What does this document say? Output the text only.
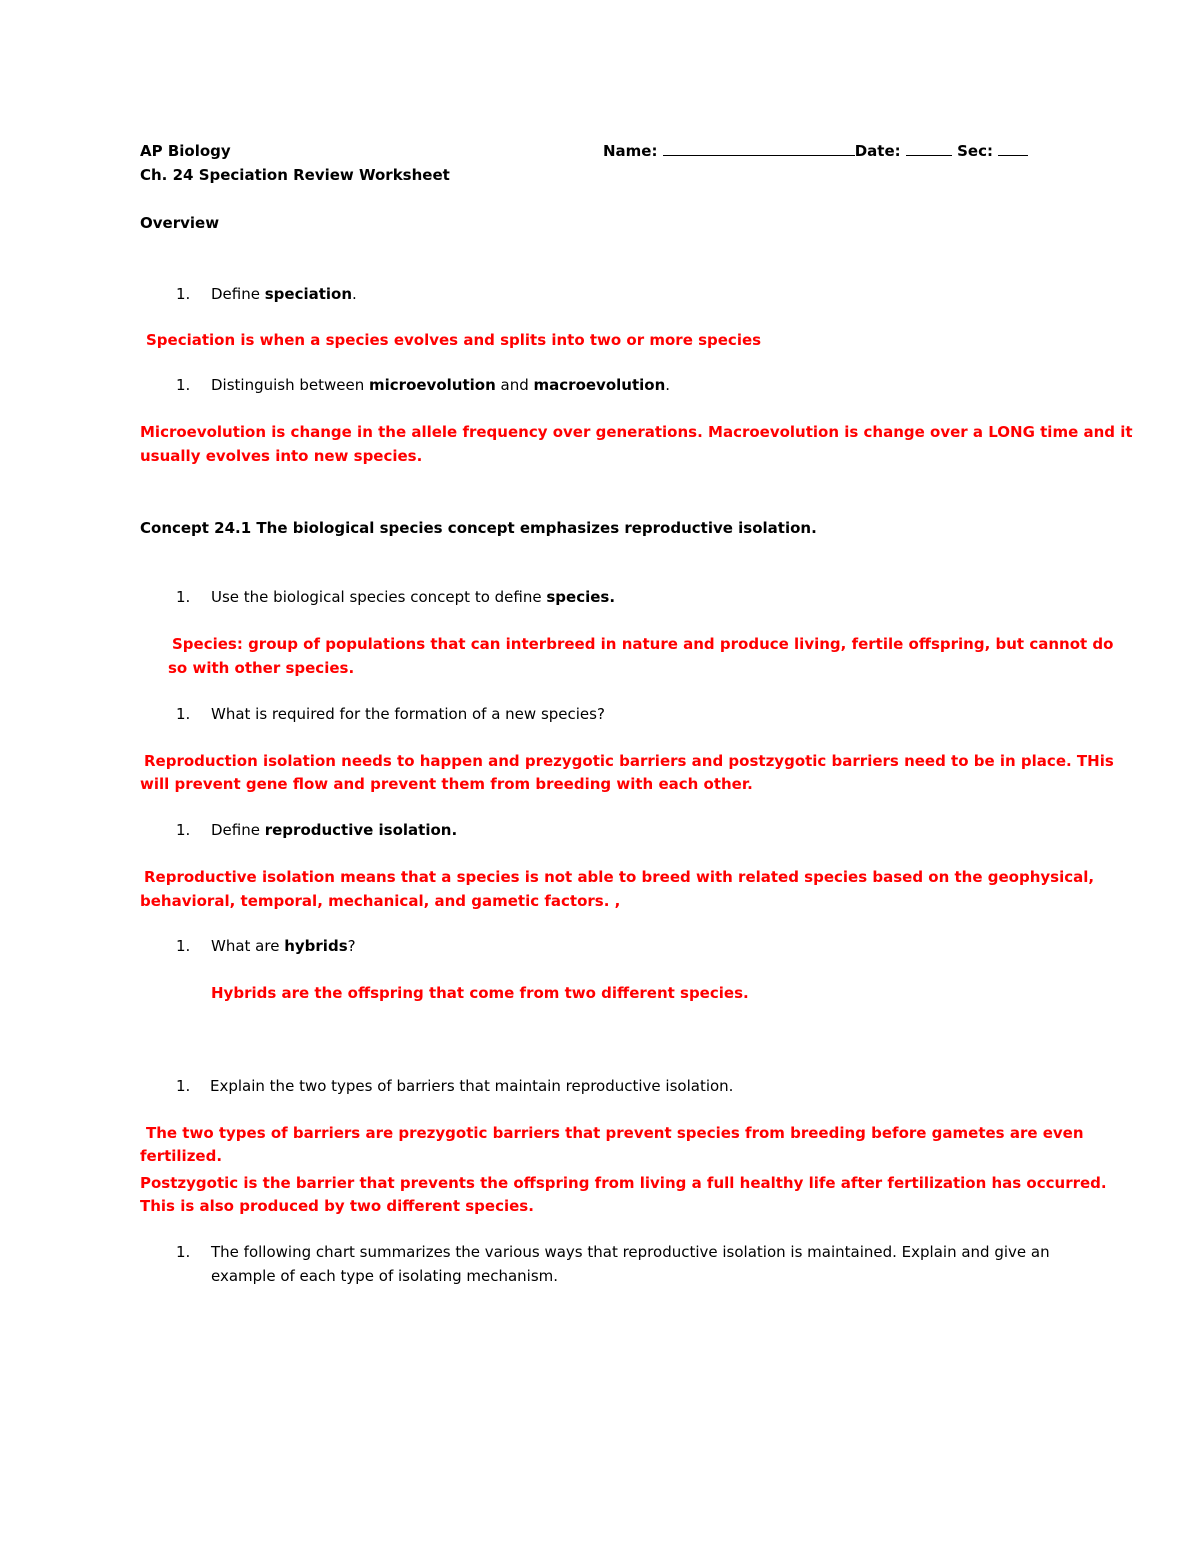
AP Biology
Ch. 24 Speciation Review Worksheet
Name:	Date:	Sec:
Overview
1. Define speciation.
Speciation is when a species evolves and splits into two or more species
1. Distinguish between microevolution and macroevolution.
Microevolution is change in the allele frequency over generations. Macroevolution is change over a LONG time and it
usually evolves into new species.
Concept 24.1 The biological species concept emphasizes reproductive isolation.
1. Use the biological species concept to define species.
Species: group of populations that can interbreed in nature and produce living, fertile offspring, but cannot do
so with other species.
1. What is required for the formation of a new species?
Reproduction isolation needs to happen and prezygotic barriers and postzygotic barriers need to be in place. THis
will prevent gene flow and prevent them from breeding with each other.
1. Define reproductive isolation.
Reproductive isolation means that a species is not able to breed with related species based on the geophysical,
behavioral, temporal, mechanical, and gametic factors. ,
1. What are hybrids?
Hybrids are the offspring that come from two different species.
1. Explain the two types of barriers that maintain reproductive isolation.
The two types of barriers are prezygotic barriers that prevent species from breeding before gametes are even
fertilized.
Postzygotic is the barrier that prevents the offspring from living a full healthy life after fertilization has occurred.
This is also produced by two different species.
1. The following chart summarizes the various ways that reproductive isolation is maintained. Explain and give an
example of each type of isolating mechanism.
